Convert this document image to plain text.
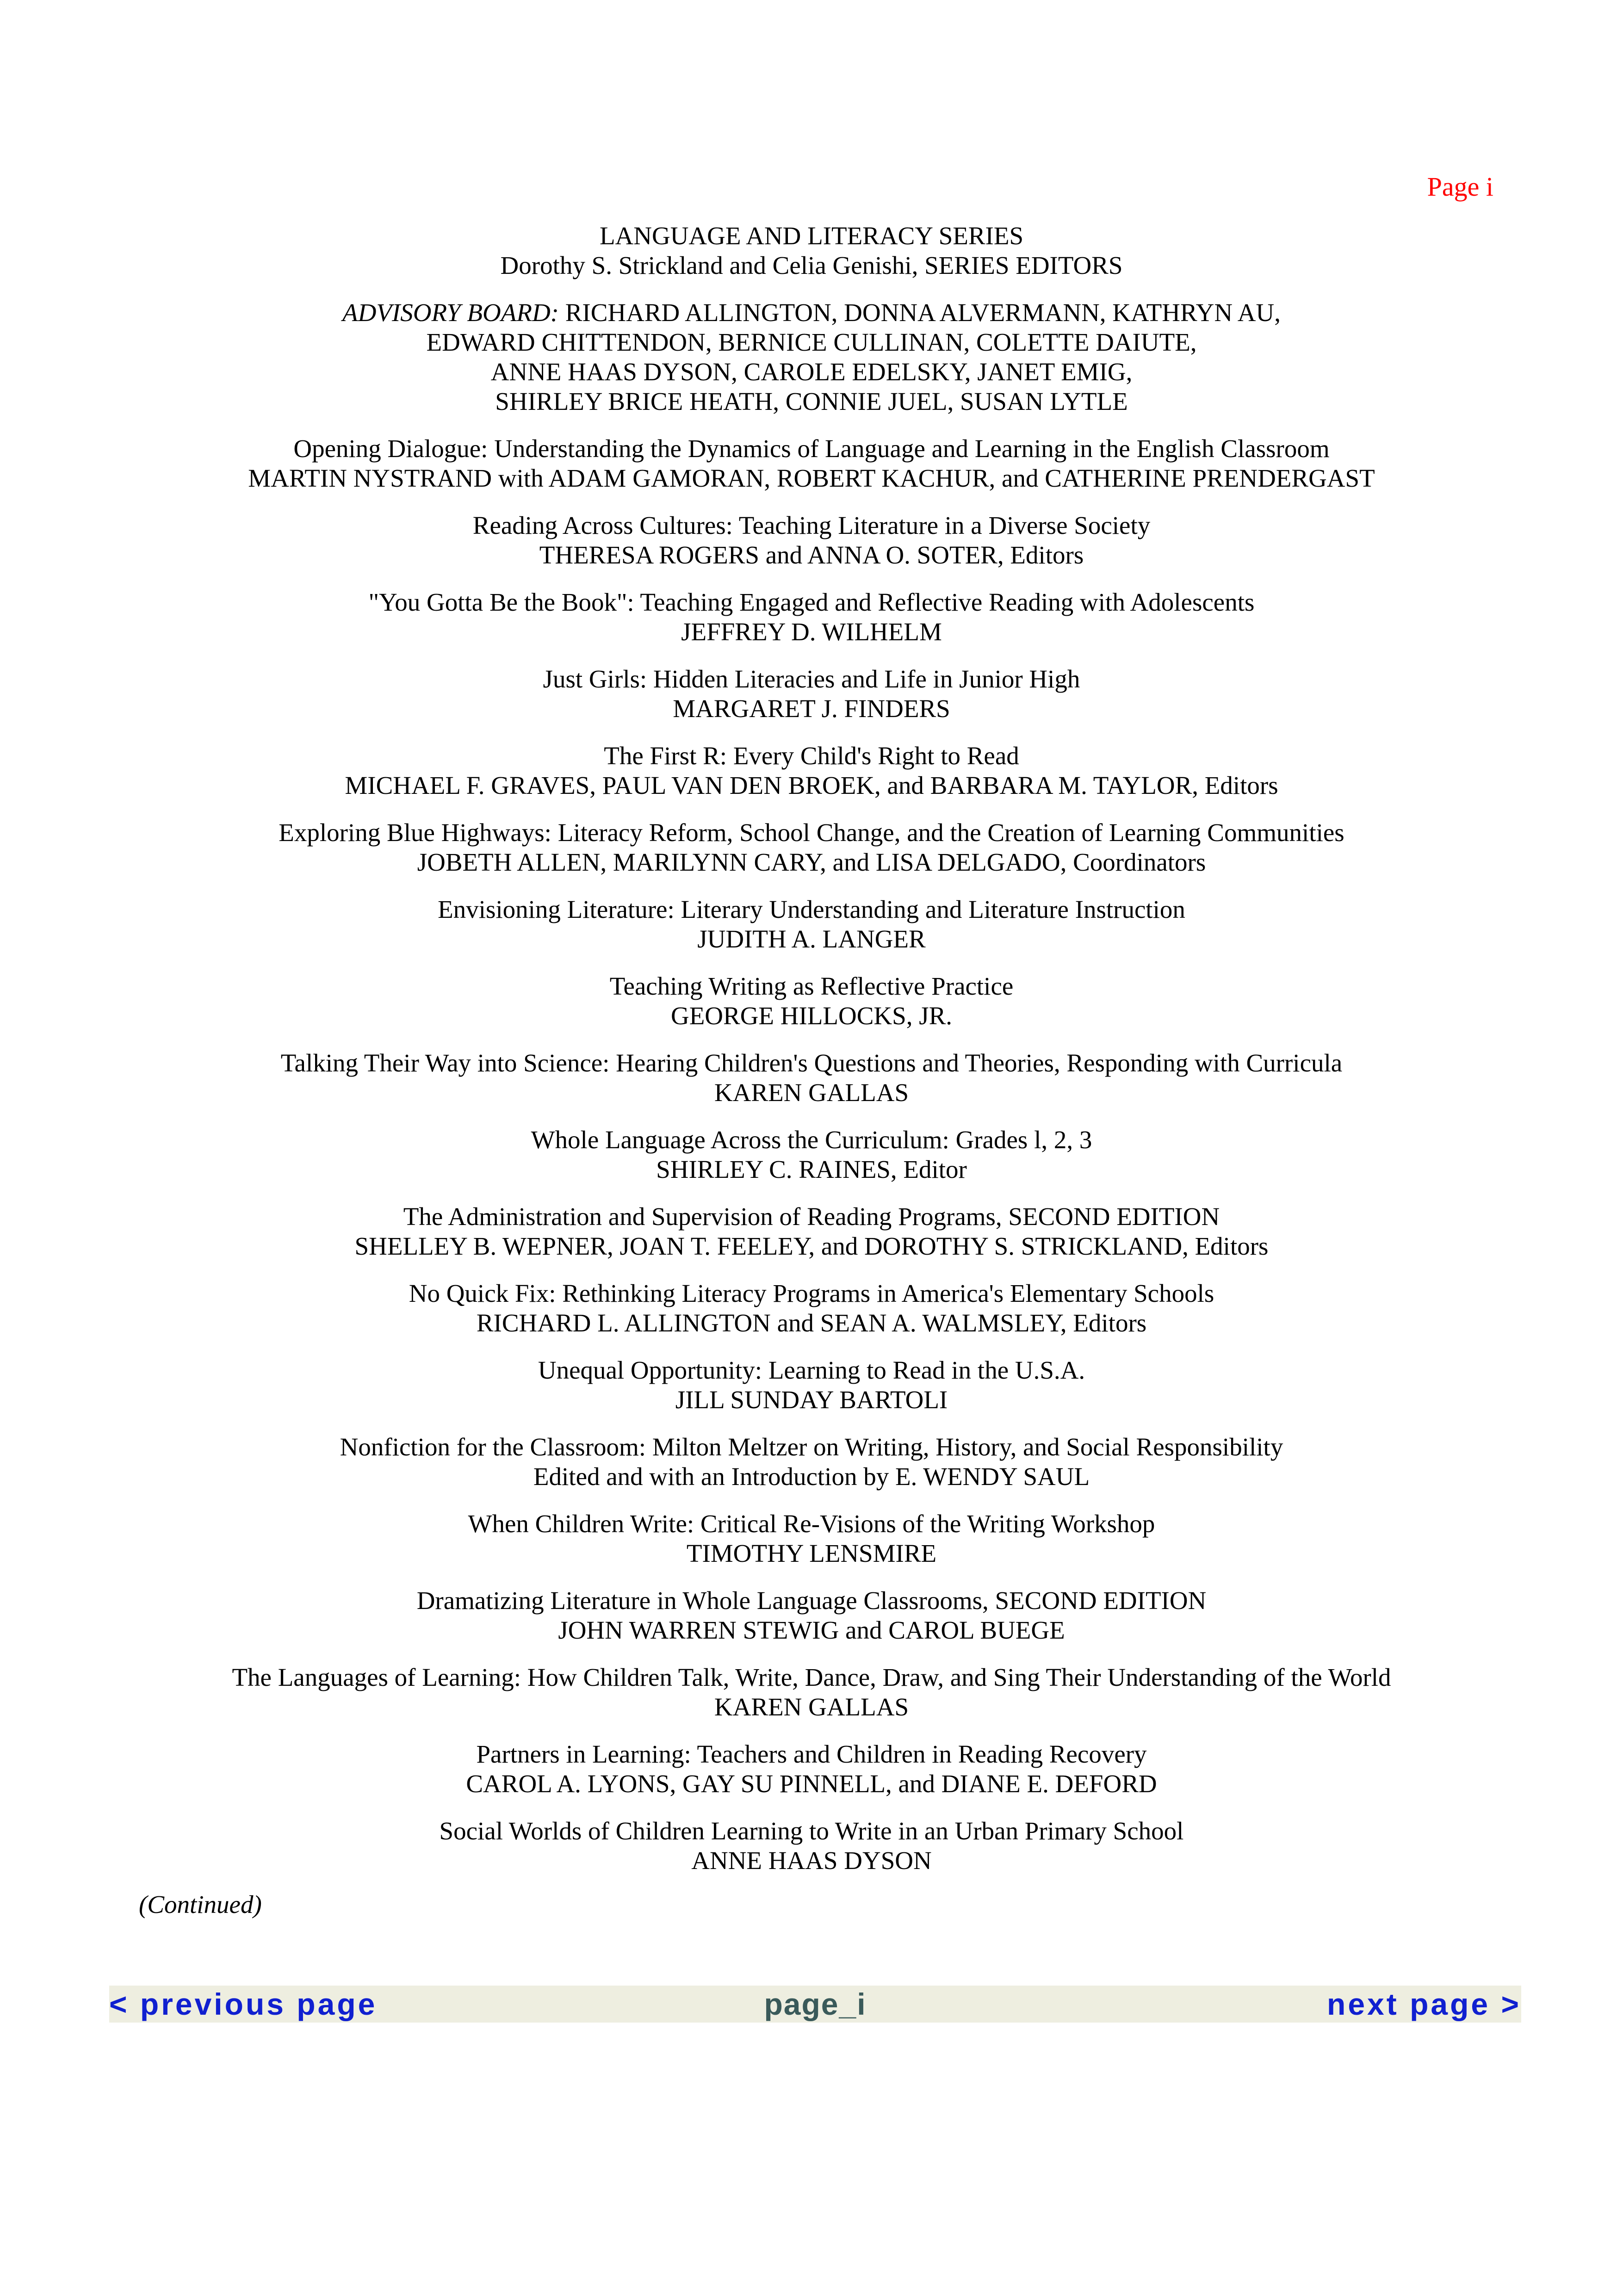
Page i
LANGUAGE AND LITERACY SERIES
Dorothy S. Strickland and Celia Genishi, SERIES EDITORS
ADVISORY BOARD: RICHARD ALLINGTON, DONNA ALVERMANN, KATHRYN AU,
EDWARD CHITTENDON, BERNICE CULLINAN, COLETTE DAIUTE,
ANNE HAAS DYSON, CAROLE EDELSKY, JANET EMIG,
SHIRLEY BRICE HEATH, CONNIE JUEL, SUSAN LYTLE
Opening Dialogue: Understanding the Dynamics of Language and Learning in the English Classroom
MARTIN NYSTRAND with ADAM GAMORAN, ROBERT KACHUR, and CATHERINE PRENDERGAST
Reading Across Cultures: Teaching Literature in a Diverse Society
THERESA ROGERS and ANNA O. SOTER, Editors
"You Gotta Be the Book": Teaching Engaged and Reflective Reading with Adolescents
JEFFREY D. WILHELM
Just Girls: Hidden Literacies and Life in Junior High
MARGARET J. FINDERS
The First R: Every Child's Right to Read
MICHAEL F. GRAVES, PAUL VAN DEN BROEK, and BARBARA M. TAYLOR, Editors
Exploring Blue Highways: Literacy Reform, School Change, and the Creation of Learning Communities
JOBETH ALLEN, MARILYNN CARY, and LISA DELGADO, Coordinators
Envisioning Literature: Literary Understanding and Literature Instruction
JUDITH A. LANGER
Teaching Writing as Reflective Practice
GEORGE HILLOCKS, JR.
Talking Their Way into Science: Hearing Children's Questions and Theories, Responding with Curricula
KAREN GALLAS
Whole Language Across the Curriculum: Grades l, 2, 3
SHIRLEY C. RAINES, Editor
The Administration and Supervision of Reading Programs, SECOND EDITION
SHELLEY B. WEPNER, JOAN T. FEELEY, and DOROTHY S. STRICKLAND, Editors
No Quick Fix: Rethinking Literacy Programs in America's Elementary Schools
RICHARD L. ALLINGTON and SEAN A. WALMSLEY, Editors
Unequal Opportunity: Learning to Read in the U.S.A.
JILL SUNDAY BARTOLI
Nonfiction for the Classroom: Milton Meltzer on Writing, History, and Social Responsibility
Edited and with an Introduction by E. WENDY SAUL
When Children Write: Critical Re-Visions of the Writing Workshop
TIMOTHY LENSMIRE
Dramatizing Literature in Whole Language Classrooms, SECOND EDITION
JOHN WARREN STEWIG and CAROL BUEGE
The Languages of Learning: How Children Talk, Write, Dance, Draw, and Sing Their Understanding of the World
KAREN GALLAS
Partners in Learning: Teachers and Children in Reading Recovery
CAROL A. LYONS, GAY SU PINNELL, and DIANE E. DEFORD
Social Worlds of Children Learning to Write in an Urban Primary School
ANNE HAAS DYSON
(Continued)
page_i
< previous page	next page >
